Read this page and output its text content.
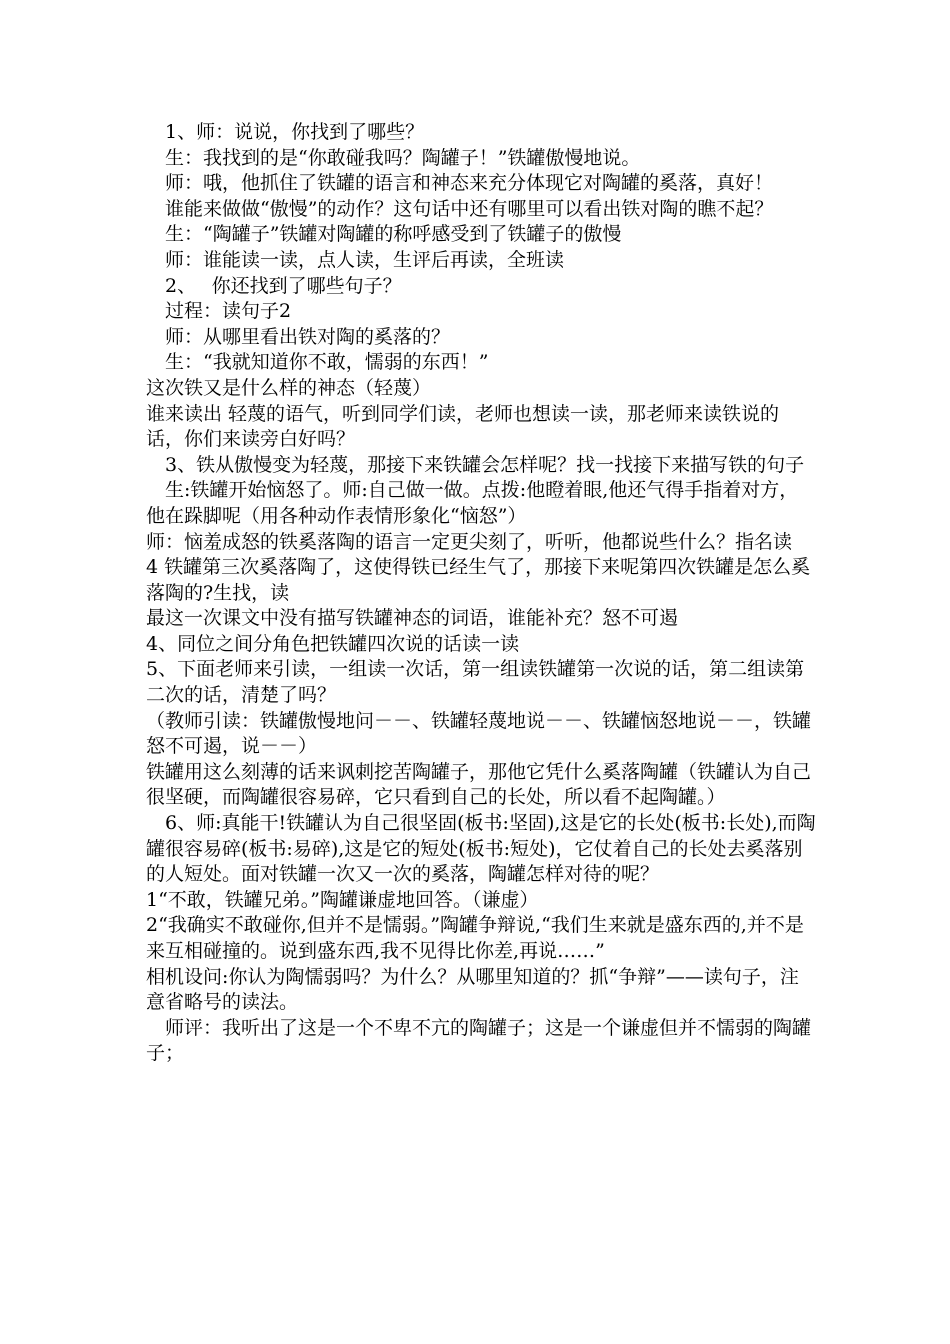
1、师：说说，你找到了哪些？

生：我找到的是“你敢碰我吗？陶罐子！”铁罐傲慢地说。

师：哦，他抓住了铁罐的语言和神态来充分体现它对陶罐的奚落，真好！

谁能来做做“傲慢”的动作？这句话中还有哪里可以看出铁对陶的瞧不起？

生：“陶罐子”铁罐对陶罐的称呼感受到了铁罐子的傲慢

师：谁能读一读，点人读，生评后再读，全班读

2、　 你还找到了哪些句子？

过程：读句子2

师：从哪里看出铁对陶的奚落的？

生：“我就知道你不敢，懦弱的东西！”

这次铁又是什么样的神态（轻蔑）

谁来读出 轻蔑的语气，听到同学们读，老师也想读一读，那老师来读铁说的话，你们来读旁白好吗？

3、铁从傲慢变为轻蔑，那接下来铁罐会怎样呢？找一找接下来描写铁的句子

生:铁罐开始恼怒了。师:自己做一做。点拨:他瞪着眼,他还气得手指着对方，他在跺脚呢（用各种动作表情形象化“恼怒”）

师：恼羞成怒的铁奚落陶的语言一定更尖刻了，听听，他都说些什么？指名读

4 铁罐第三次奚落陶了，这使得铁已经生气了，那接下来呢第四次铁罐是怎么奚落陶的?生找，读

最这一次课文中没有描写铁罐神态的词语，谁能补充？怒不可遏

4、同位之间分角色把铁罐四次说的话读一读

5、下面老师来引读，一组读一次话，第一组读铁罐第一次说的话，第二组读第二次的话，清楚了吗？

（教师引读：铁罐傲慢地问－－、铁罐轻蔑地说－－、铁罐恼怒地说－－，铁罐怒不可遏，说－－）

铁罐用这么刻薄的话来讽刺挖苦陶罐子，那他它凭什么奚落陶罐（铁罐认为自己很坚硬，而陶罐很容易碎，它只看到自己的长处，所以看不起陶罐。）

6、师:真能干!铁罐认为自己很坚固(板书:坚固),这是它的长处(板书:长处),而陶罐很容易碎(板书:易碎),这是它的短处(板书:短处)，它仗着自己的长处去奚落别的人短处。面对铁罐一次又一次的奚落，陶罐怎样对待的呢？

1“不敢，铁罐兄弟。”陶罐谦虚地回答。（谦虚）

2“我确实不敢碰你,但并不是懦弱。”陶罐争辩说,“我们生来就是盛东西的,并不是来互相碰撞的。说到盛东西,我不见得比你差,再说……”

相机设问:你认为陶懦弱吗？为什么？从哪里知道的？抓“争辩”——读句子，注意省略号的读法。

师评：我听出了这是一个不卑不亢的陶罐子；这是一个谦虚但并不懦弱的陶罐子；
